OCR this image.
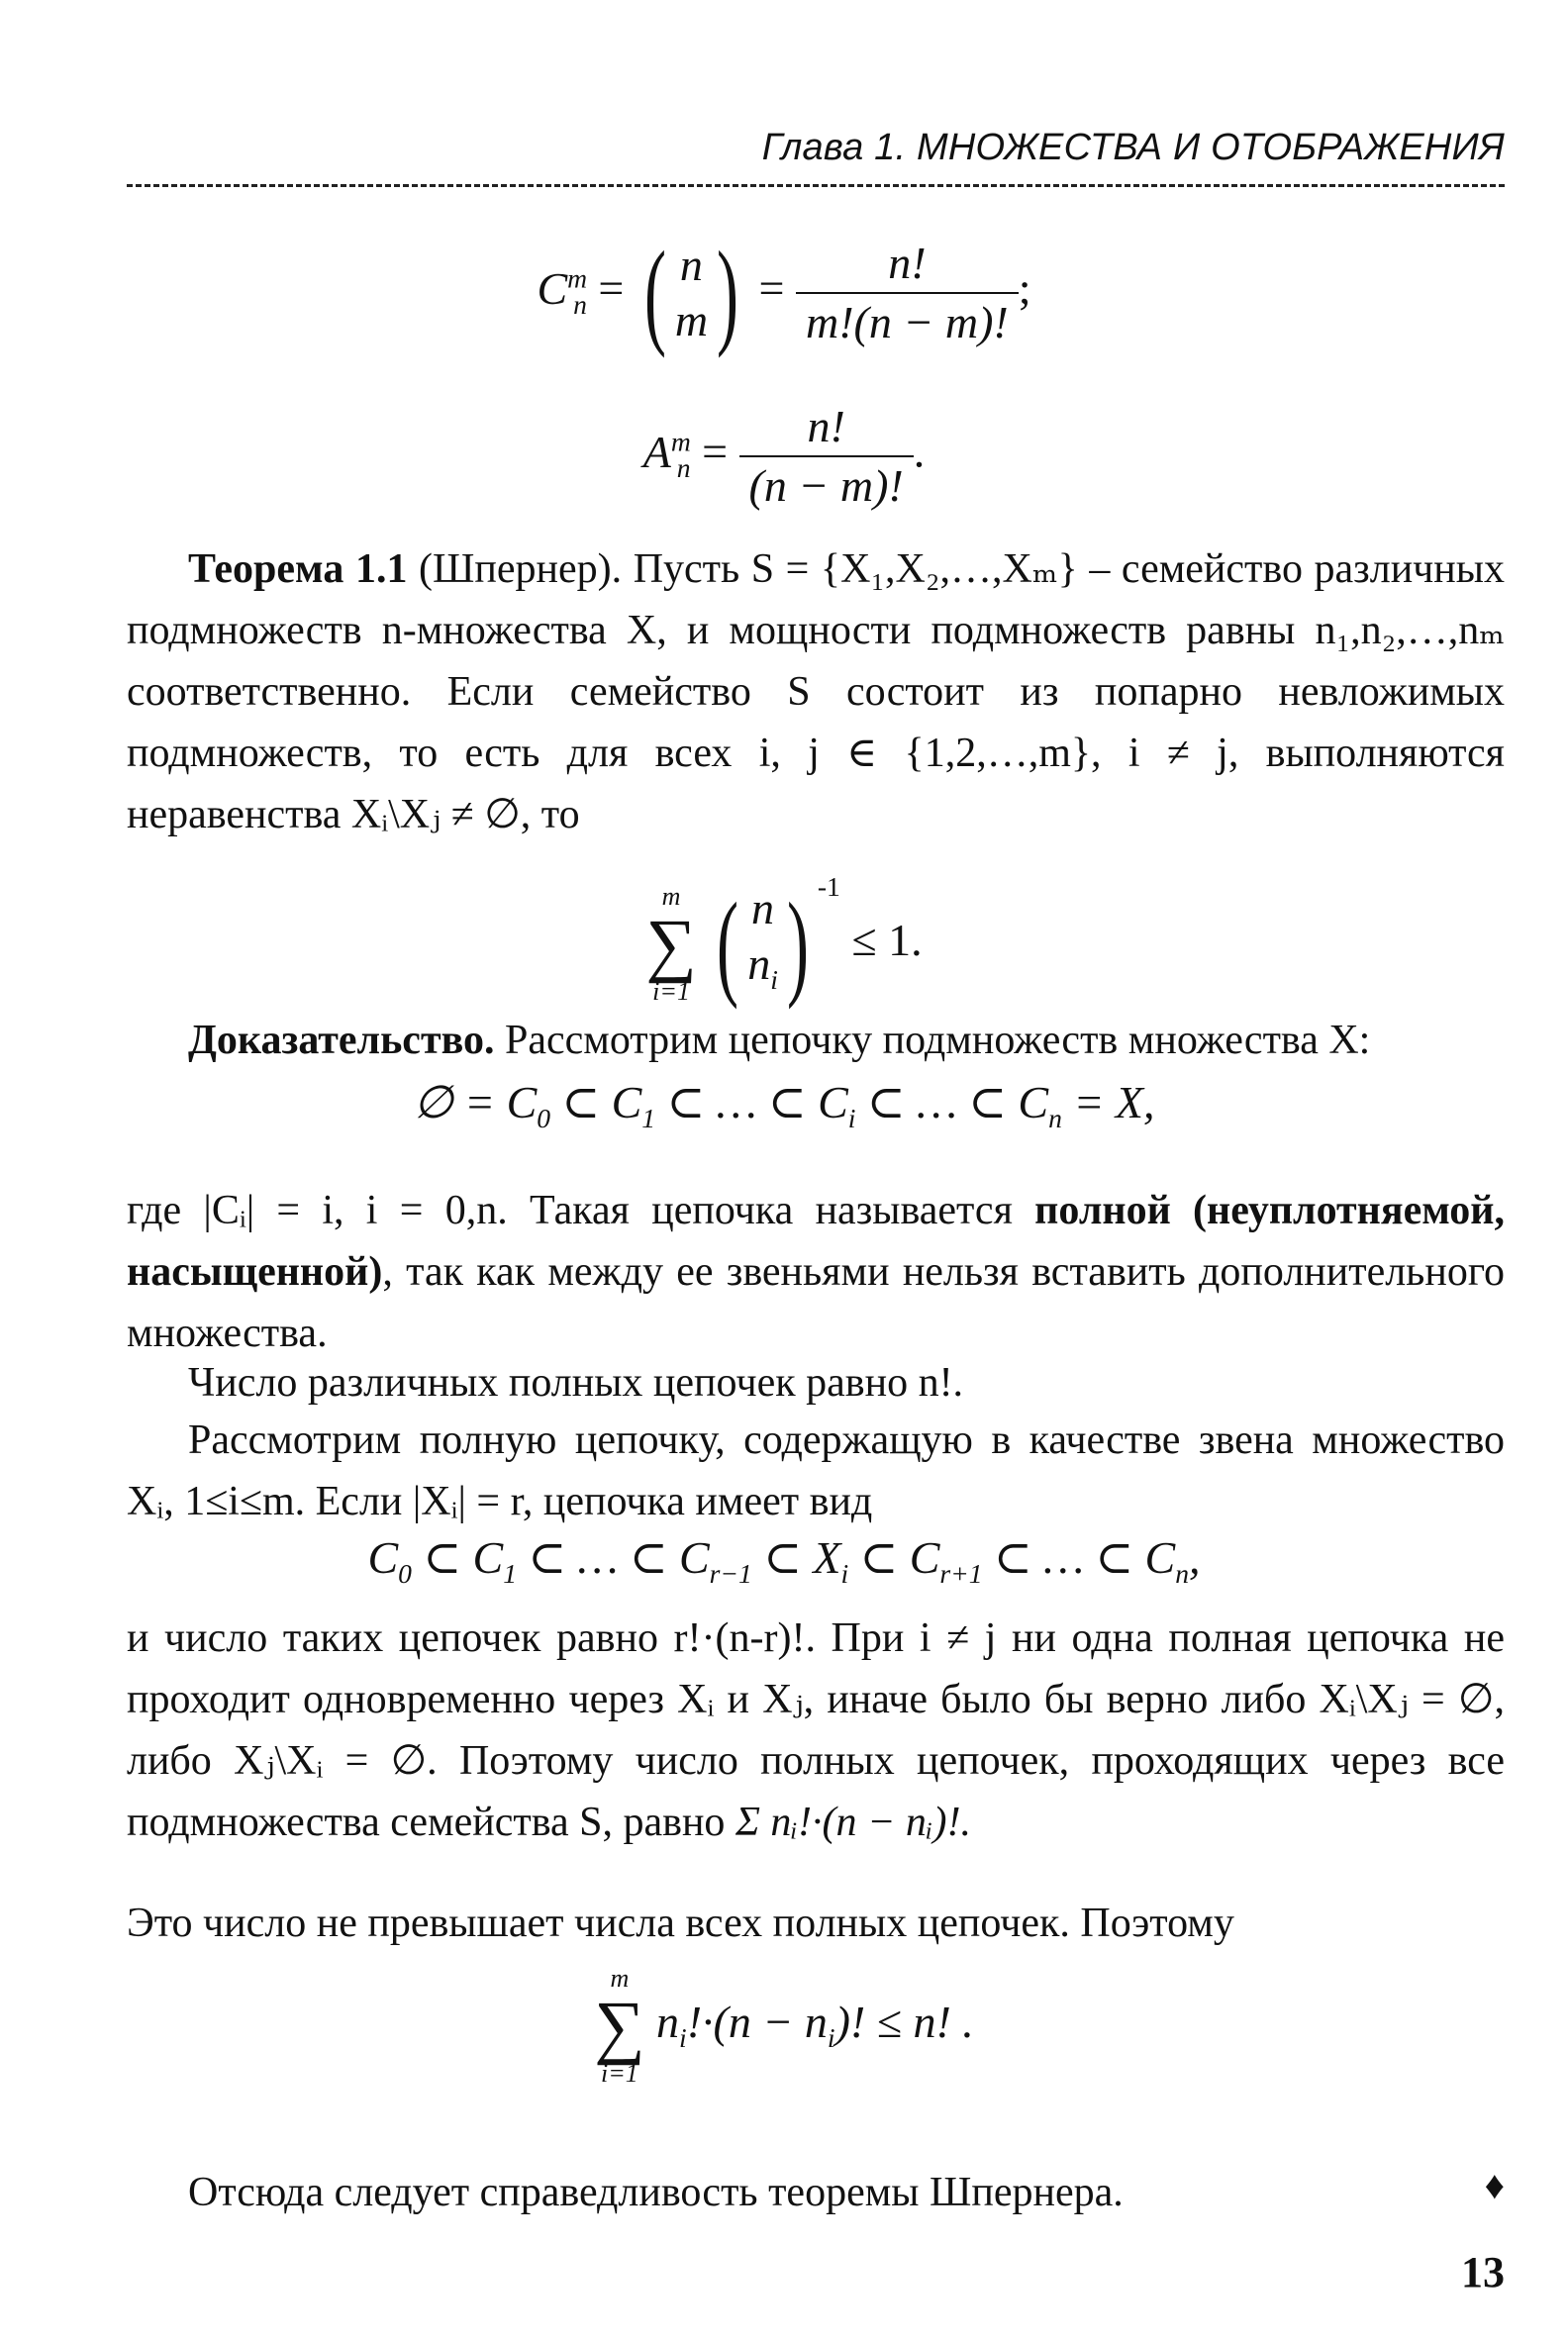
Глава 1. МНОЖЕСТВА И ОТОБРАЖЕНИЯ
$C^m_n$ = ( n
m ) = $\frac{n!}{m!(n - m)!}$ ;
$A^m_n = \frac{n!}{(n - m)!}$ .
Теорема 1.1 (Шпернер). Пусть S = {X₁,X₂,…,Xₘ} – семейство различных подмножеств n-множества X, и мощности подмножеств равны n₁,n₂,…,nₘ соответственно. Если семейство S состоит из попарно невложимых подмножеств, то есть для всех i, j ∈ {1,2,…,m}, i ≠ j, выполняются неравенства Xᵢ\Xⱼ ≠ ∅, то
m
∑
i=1 ( n
$n_i$ ) $^{-1}$ ≤ 1.
Доказательство. Рассмотрим цепочку подмножеств множества X:
∅ = $C_0$ ⊂ $C_1$ ⊂ … ⊂ $C_i$ ⊂ … ⊂ $C_n = X$,
где |Cᵢ| = i, i = 0,n. Такая цепочка называется полной (неуплотняемой, насыщенной), так как между ее звеньями нельзя вставить дополнительного множества.
Число различных полных цепочек равно n!.
Рассмотрим полную цепочку, содержащую в качестве звена множество Xᵢ, 1≤i≤m. Если |Xᵢ| = r, цепочка имеет вид
$C_0$ ⊂ $C_1$ ⊂ … ⊂ $C_{r-1}$ ⊂ $X_i$ ⊂ $C_{r+1}$ ⊂ … ⊂ $C_n$,
и число таких цепочек равно r!·(n-r)!. При i ≠ j ни одна полная цепочка не проходит одновременно через Xᵢ и Xⱼ, иначе было бы верно либо Xᵢ\Xⱼ = ∅, либо Xⱼ\Xᵢ = ∅. Поэтому число полных цепочек, проходящих через все подмножества семейства S, равно Σ nᵢ!·(n − nᵢ)!.
Это число не превышает числа всех полных цепочек. Поэтому
m
∑
i=1
$n_i!\cdot(n - n_i)$! ≤ n! .
Отсюда следует справедливость теоремы Шпернера.	♦
13
